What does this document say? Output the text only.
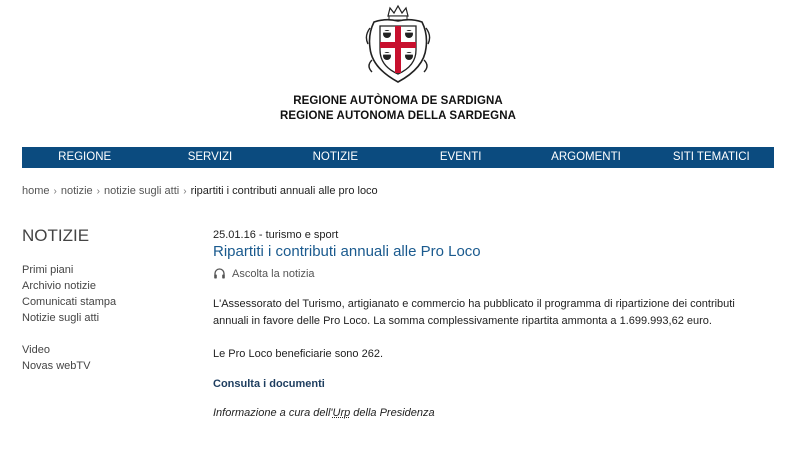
REGIONE AUTÒNOMA DE SARDIGNA
REGIONE AUTONOMA DELLA SARDEGNA
REGIONE	SERVIZI	NOTIZIE	EVENTI	ARGOMENTI	SITI TEMATICI
home › notizie › notizie sugli atti › ripartiti i contributi annuali alle pro loco
NOTIZIE
Primi piani
Archivio notizie
Comunicati stampa
Notizie sugli atti
Video
Novas webTV
25.01.16 - turismo e sport
Ripartiti i contributi annuali alle Pro Loco
Ascolta la notizia
L'Assessorato del Turismo, artigianato e commercio ha pubblicato il programma di ripartizione dei contributi annuali in favore delle Pro Loco. La somma complessivamente ripartita ammonta a 1.699.993,62 euro.
Le Pro Loco beneficiarie sono 262.
Consulta i documenti
Informazione a cura dell'Urp della Presidenza
